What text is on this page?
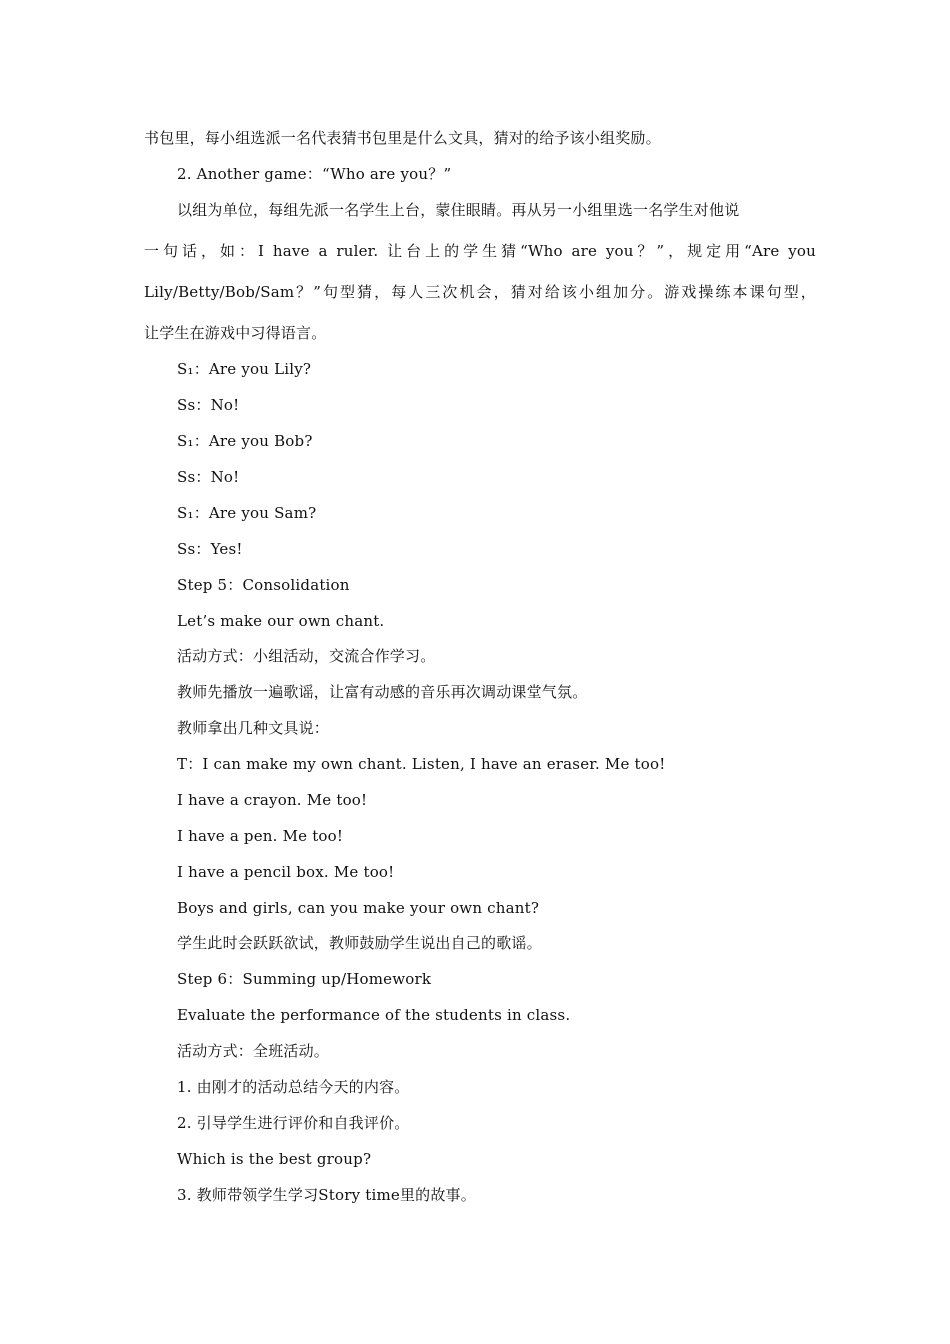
书包里，每小组选派一名代表猜书包里是什么文具，猜对的给予该小组奖励。
2. Another game：“Who are you？”
以组为单位，每组先派一名学生上台，蒙住眼睛。再从另一小组里选一名学生对他说
一句话，如：I have a ruler. 让台上的学生猜“Who are you？”，规定用“Are you
Lily/Betty/Bob/Sam？”句型猜，每人三次机会，猜对给该小组加分。游戏操练本课句型，
让学生在游戏中习得语言。
S₁：Are you Lily?
Ss：No!
S₁：Are you Bob?
Ss：No!
S₁：Are you Sam?
Ss：Yes!
Step 5：Consolidation
Let’s make our own chant.
活动方式：小组活动，交流合作学习。
教师先播放一遍歌谣，让富有动感的音乐再次调动课堂气氛。
教师拿出几种文具说：
T：I can make my own chant. Listen, I have an eraser. Me too!
I have a crayon. Me too!
I have a pen. Me too!
I have a pencil box. Me too!
Boys and girls, can you make your own chant?
学生此时会跃跃欲试，教师鼓励学生说出自己的歌谣。
Step 6：Summing up/Homework
Evaluate the performance of the students in class.
活动方式：全班活动。
1. 由刚才的活动总结今天的内容。
2. 引导学生进行评价和自我评价。
Which is the best group?
3. 教师带领学生学习Story time里的故事。
